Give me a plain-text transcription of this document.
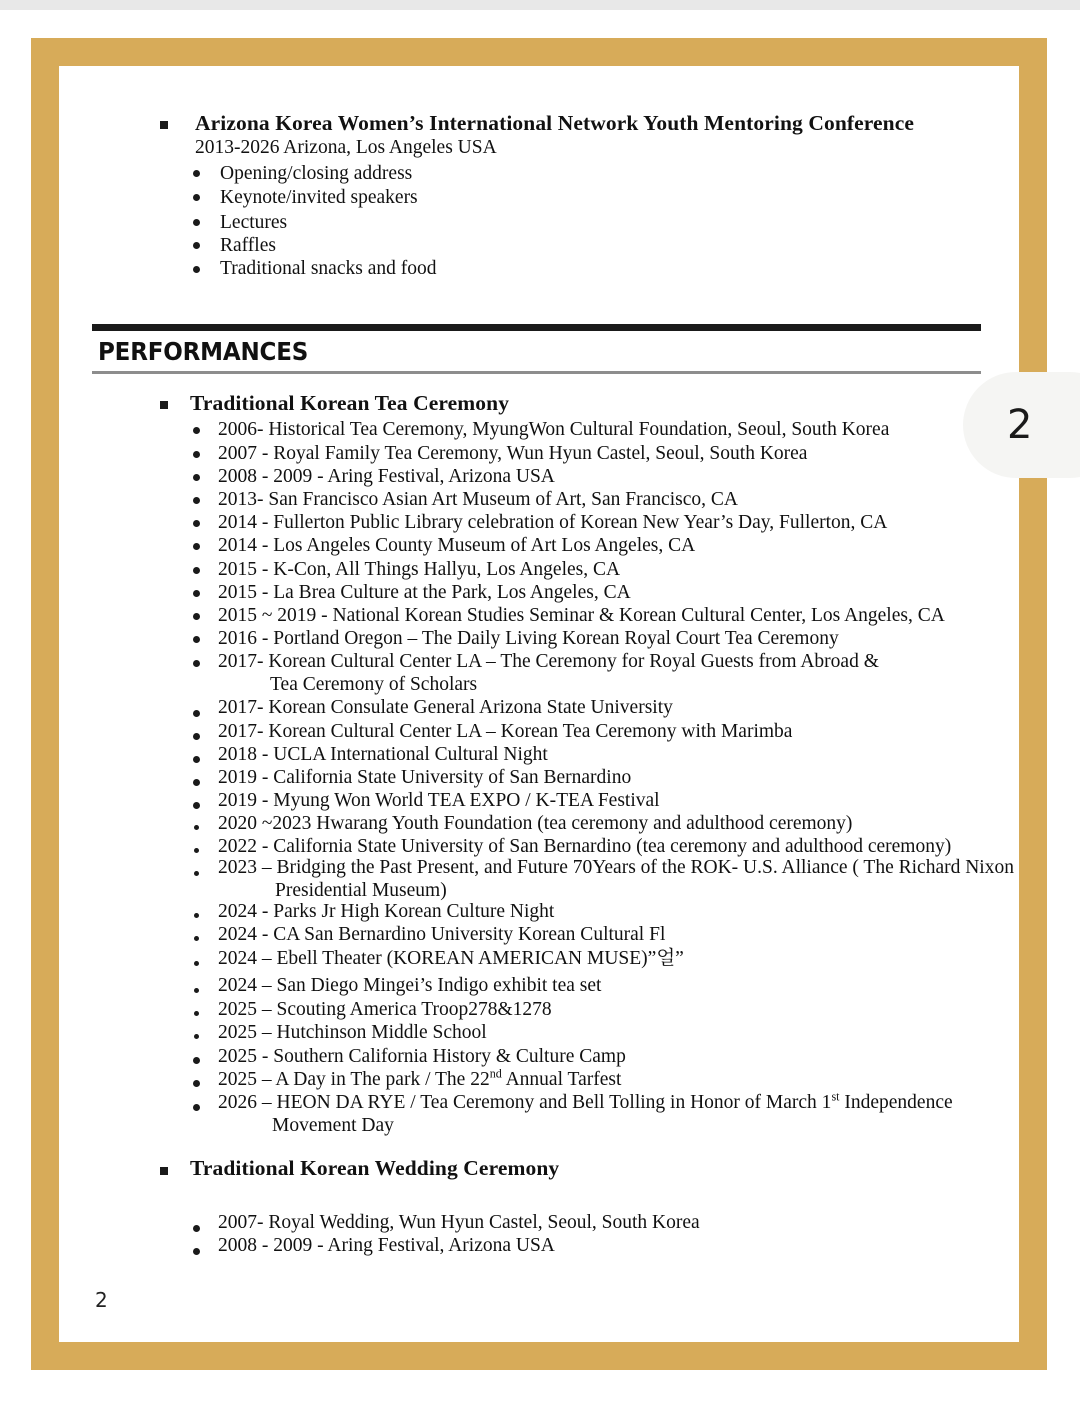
2
Arizona Korea Women’s International Network Youth Mentoring Conference
2013-2026 Arizona, Los Angeles USA
Opening/closing address
Keynote/invited speakers
Lectures
Raffles
Traditional snacks and food
PERFORMANCES
Traditional Korean Tea Ceremony
2006- Historical Tea Ceremony, MyungWon Cultural Foundation, Seoul, South Korea
2007 - Royal Family Tea Ceremony, Wun Hyun Castel, Seoul, South Korea
2008 - 2009 - Aring Festival, Arizona USA
2013- San Francisco Asian Art Museum of Art, San Francisco, CA
2014 - Fullerton Public Library celebration of Korean New Year’s Day, Fullerton, CA
2014 - Los Angeles County Museum of Art Los Angeles, CA
2015 - K-Con, All Things Hallyu, Los Angeles, CA
2015 - La Brea Culture at the Park, Los Angeles, CA
2015 ~ 2019 - National Korean Studies Seminar & Korean Cultural Center, Los Angeles, CA
2016 - Portland Oregon – The Daily Living Korean Royal Court Tea Ceremony
2017- Korean Cultural Center LA – The Ceremony for Royal Guests from Abroad &
Tea Ceremony of Scholars
2017- Korean Consulate General Arizona State University
2017- Korean Cultural Center LA – Korean Tea Ceremony with Marimba
2018 - UCLA International Cultural Night
2019 - California State University of San Bernardino
2019 - Myung Won World TEA EXPO / K-TEA Festival
2020 ~2023 Hwarang Youth Foundation (tea ceremony and adulthood ceremony)
2022 - California State University of San Bernardino (tea ceremony and adulthood ceremony)
2023 – Bridging the Past Present, and Future 70Years of the ROK- U.S. Alliance ( The Richard Nixon
Presidential Museum)
2024 - Parks Jr High Korean Culture Night
2024 - CA San Bernardino University Korean Cultural Fl
2024 – Ebell Theater (KOREAN AMERICAN MUSE)”얼”
2024 – San Diego Mingei’s Indigo exhibit tea set
2025 – Scouting America Troop278&1278
2025 – Hutchinson Middle School
2025 - Southern California History & Culture Camp
2025 – A Day in The park / The 22nd Annual Tarfest
2026 – HEON DA RYE / Tea Ceremony and Bell Tolling in Honor of March 1st Independence
Movement Day
Traditional Korean Wedding Ceremony
2007- Royal Wedding, Wun Hyun Castel, Seoul, South Korea
2008 - 2009 - Aring Festival, Arizona USA
2
